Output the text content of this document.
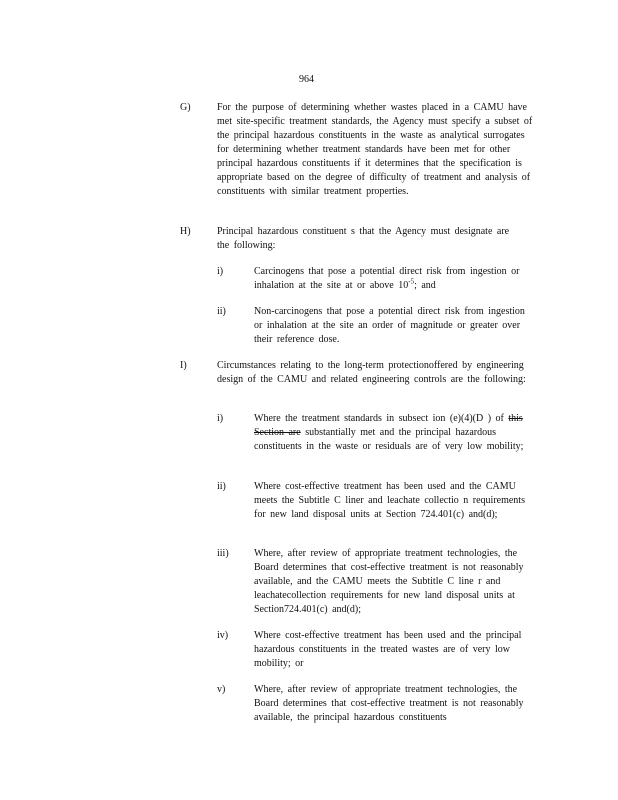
964
G)	For the purpose of determining whether wastes placed in a CAMU have met site-specific treatment standards, the Agency must specify a subset of the principal hazardous constituents in the waste as analytical surrogates for determining whether treatment standards have been met for other principal hazardous constituents if it determines that the specification is appropriate based on the degree of difficulty of treatment and analysis of constituents with similar treatment properties.
H)	Principal hazardous constituent s that the Agency must designate are the following:
i)	Carcinogens that pose a potential direct risk from ingestion or inhalation at the site at or above $10^{-5}$; and
ii)	Non-carcinogens that pose a potential direct risk from ingestion or inhalation at the site an order of magnitude or greater over their reference dose.
I)	Circumstances relating to the long-term protectionoffered by engineering design of the CAMU and related engineering controls are the following:
i)	Where the treatment standards in subsect ion (e)(4)(D ) of this Section are substantially met and the principal hazardous constituents in the waste or residuals are of very low mobility;
ii)	Where cost-effective treatment has been used and the CAMU meets the Subtitle C liner and leachate collectio n requirements for new land disposal units at Section 724.401(c) and(d);
iii)	Where, after review of appropriate treatment technologies, the Board determines that cost-effective treatment is not reasonably available, and the CAMU meets the Subtitle C line r and leachatecollection requirements for new land disposal units at Section724.401(c) and(d);
iv)	Where cost-effective treatment has been used and the principal hazardous constituents in the treated wastes are of very low mobility; or
v)	Where, after review of appropriate treatment technologies, the Board determines that cost-effective treatment is not reasonably available, the principal hazardous constituents
